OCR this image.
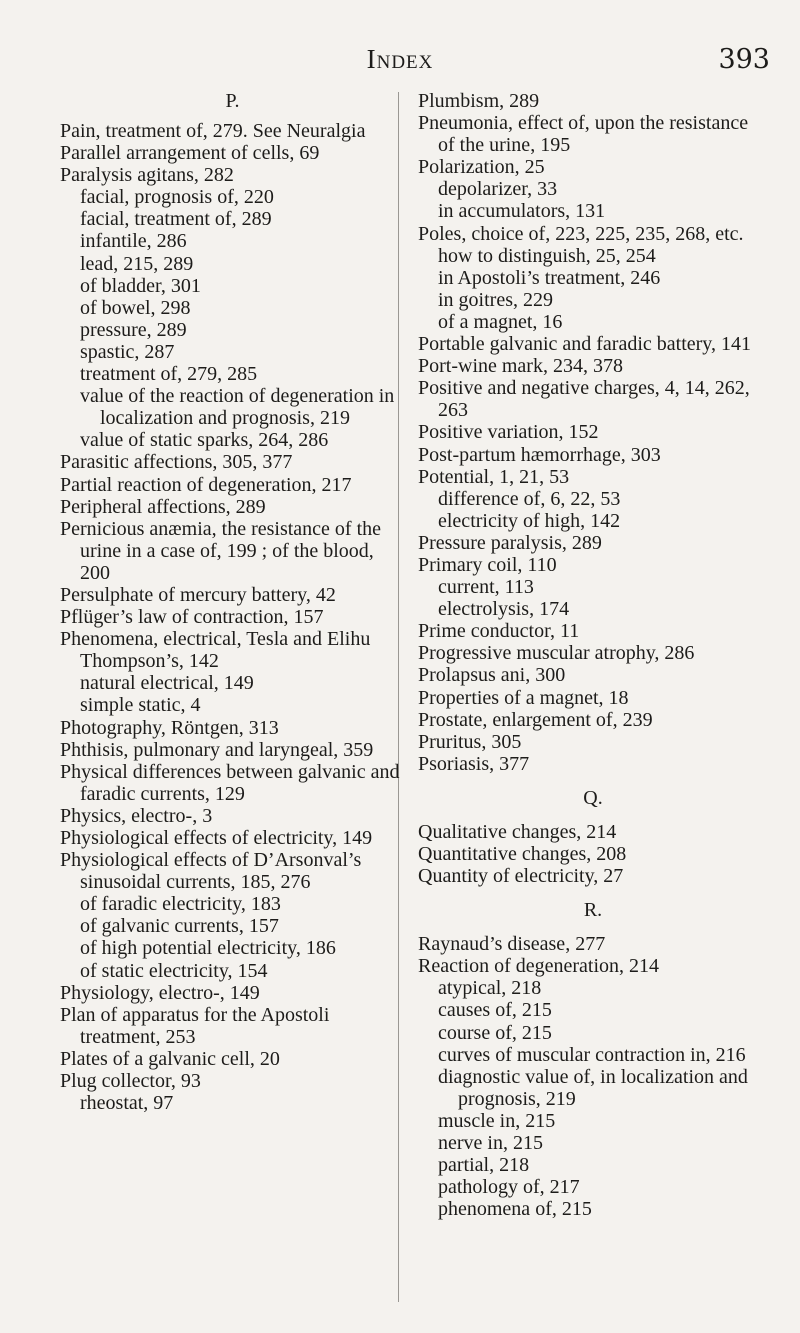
Index	393
P.
Pain, treatment of, 279. See Neuralgia
Parallel arrangement of cells, 69
Paralysis agitans, 282
facial, prognosis of, 220
facial, treatment of, 289
infantile, 286
lead, 215, 289
of bladder, 301
of bowel, 298
pressure, 289
spastic, 287
treatment of, 279, 285
value of the reaction of degeneration in localization and prognosis, 219
value of static sparks, 264, 286
Parasitic affections, 305, 377
Partial reaction of degeneration, 217
Peripheral affections, 289
Pernicious anæmia, the resistance of the urine in a case of, 199 ; of the blood, 200
Persulphate of mercury battery, 42
Pflüger’s law of contraction, 157
Phenomena, electrical, Tesla and Elihu Thompson’s, 142
natural electrical, 149
simple static, 4
Photography, Röntgen, 313
Phthisis, pulmonary and laryngeal, 359
Physical differences between galvanic and faradic currents, 129
Physics, electro-, 3
Physiological effects of electricity, 149
Physiological effects of D’Arsonval’s sinusoidal currents, 185, 276
of faradic electricity, 183
of galvanic currents, 157
of high potential electricity, 186
of static electricity, 154
Physiology, electro-, 149
Plan of apparatus for the Apostoli treatment, 253
Plates of a galvanic cell, 20
Plug collector, 93
rheostat, 97
Plumbism, 289
Pneumonia, effect of, upon the resistance of the urine, 195
Polarization, 25
depolarizer, 33
in accumulators, 131
Poles, choice of, 223, 225, 235, 268, etc.
how to distinguish, 25, 254
in Apostoli’s treatment, 246
in goitres, 229
of a magnet, 16
Portable galvanic and faradic battery, 141
Port-wine mark, 234, 378
Positive and negative charges, 4, 14, 262, 263
Positive variation, 152
Post-partum hæmorrhage, 303
Potential, 1, 21, 53
difference of, 6, 22, 53
electricity of high, 142
Pressure paralysis, 289
Primary coil, 110
current, 113
electrolysis, 174
Prime conductor, 11
Progressive muscular atrophy, 286
Prolapsus ani, 300
Properties of a magnet, 18
Prostate, enlargement of, 239
Pruritus, 305
Psoriasis, 377
Q.
Qualitative changes, 214
Quantitative changes, 208
Quantity of electricity, 27
R.
Raynaud’s disease, 277
Reaction of degeneration, 214
atypical, 218
causes of, 215
course of, 215
curves of muscular contraction in, 216
diagnostic value of, in localization and prognosis, 219
muscle in, 215
nerve in, 215
partial, 218
pathology of, 217
phenomena of, 215
